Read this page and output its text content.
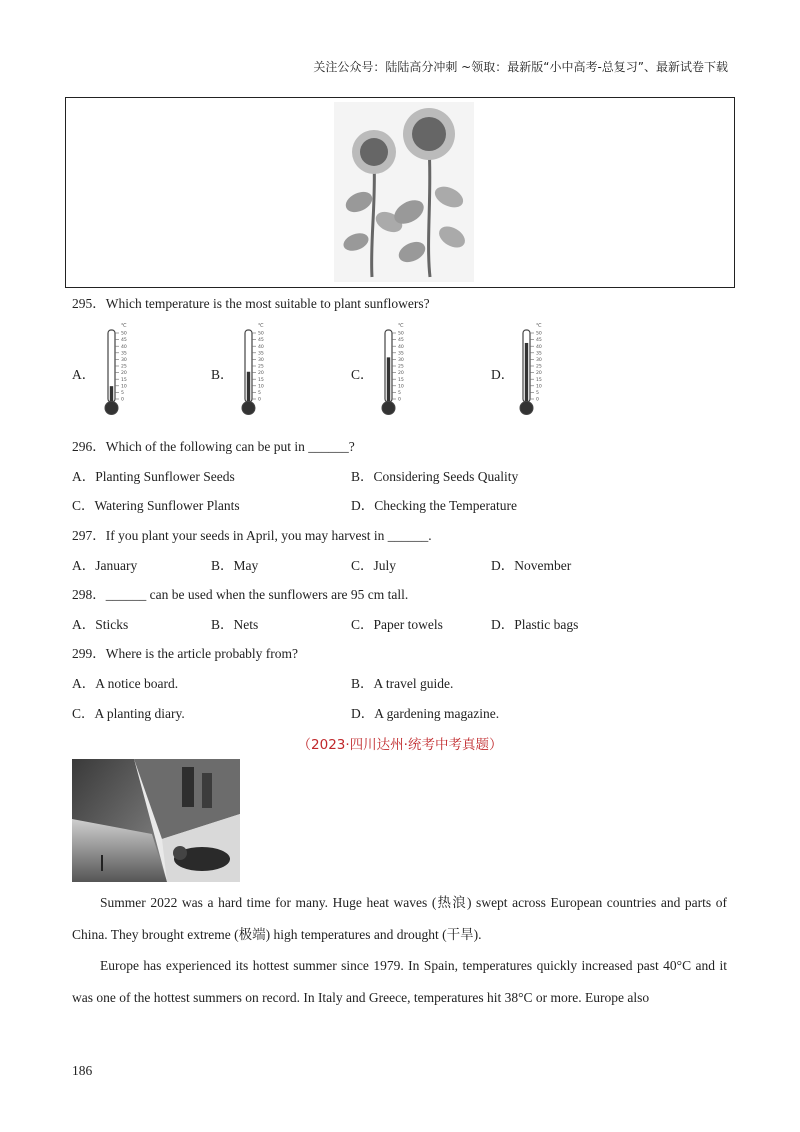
关注公众号：陆陆高分冲刺 ~领取：最新版“小中高考-总复习”、最新试卷下载
295．Which temperature is the most suitable to plant sunflowers?
A．	B．	C．	D．
50
45
40
35
30
25
20
15
10
5
0
℃
50
45
40
35
30
25
20
15
10
5
0
℃
50
45
40
35
30
25
20
15
10
5
0
℃
50
45
40
35
30
25
20
15
10
5
0
℃
296．Which of the following can be put in ______?
A．Planting Sunflower Seeds	B．Considering Seeds Quality
C．Watering Sunflower Plants	D．Checking the Temperature
297．If you plant your seeds in April, you may harvest in ______.
A．January	B．May	C．July	D．November
298．______ can be used when the sunflowers are 95 cm tall.
A．Sticks	B．Nets	C．Paper towels	D．Plastic bags
299．Where is the article probably from?
A．A notice board.	B．A travel guide.
C．A planting diary.	D．A gardening magazine.
（2023·四川达州·统考中考真题）
Summer 2022 was a hard time for many. Huge heat waves (热浪) swept across European countries and parts of China. They brought extreme (极端) high temperatures and drought (干旱).
Europe has experienced its hottest summer since 1979. In Spain, temperatures quickly increased past 40°C and it was one of the hottest summers on record. In Italy and Greece, temperatures hit 38°C or more. Europe also
186
